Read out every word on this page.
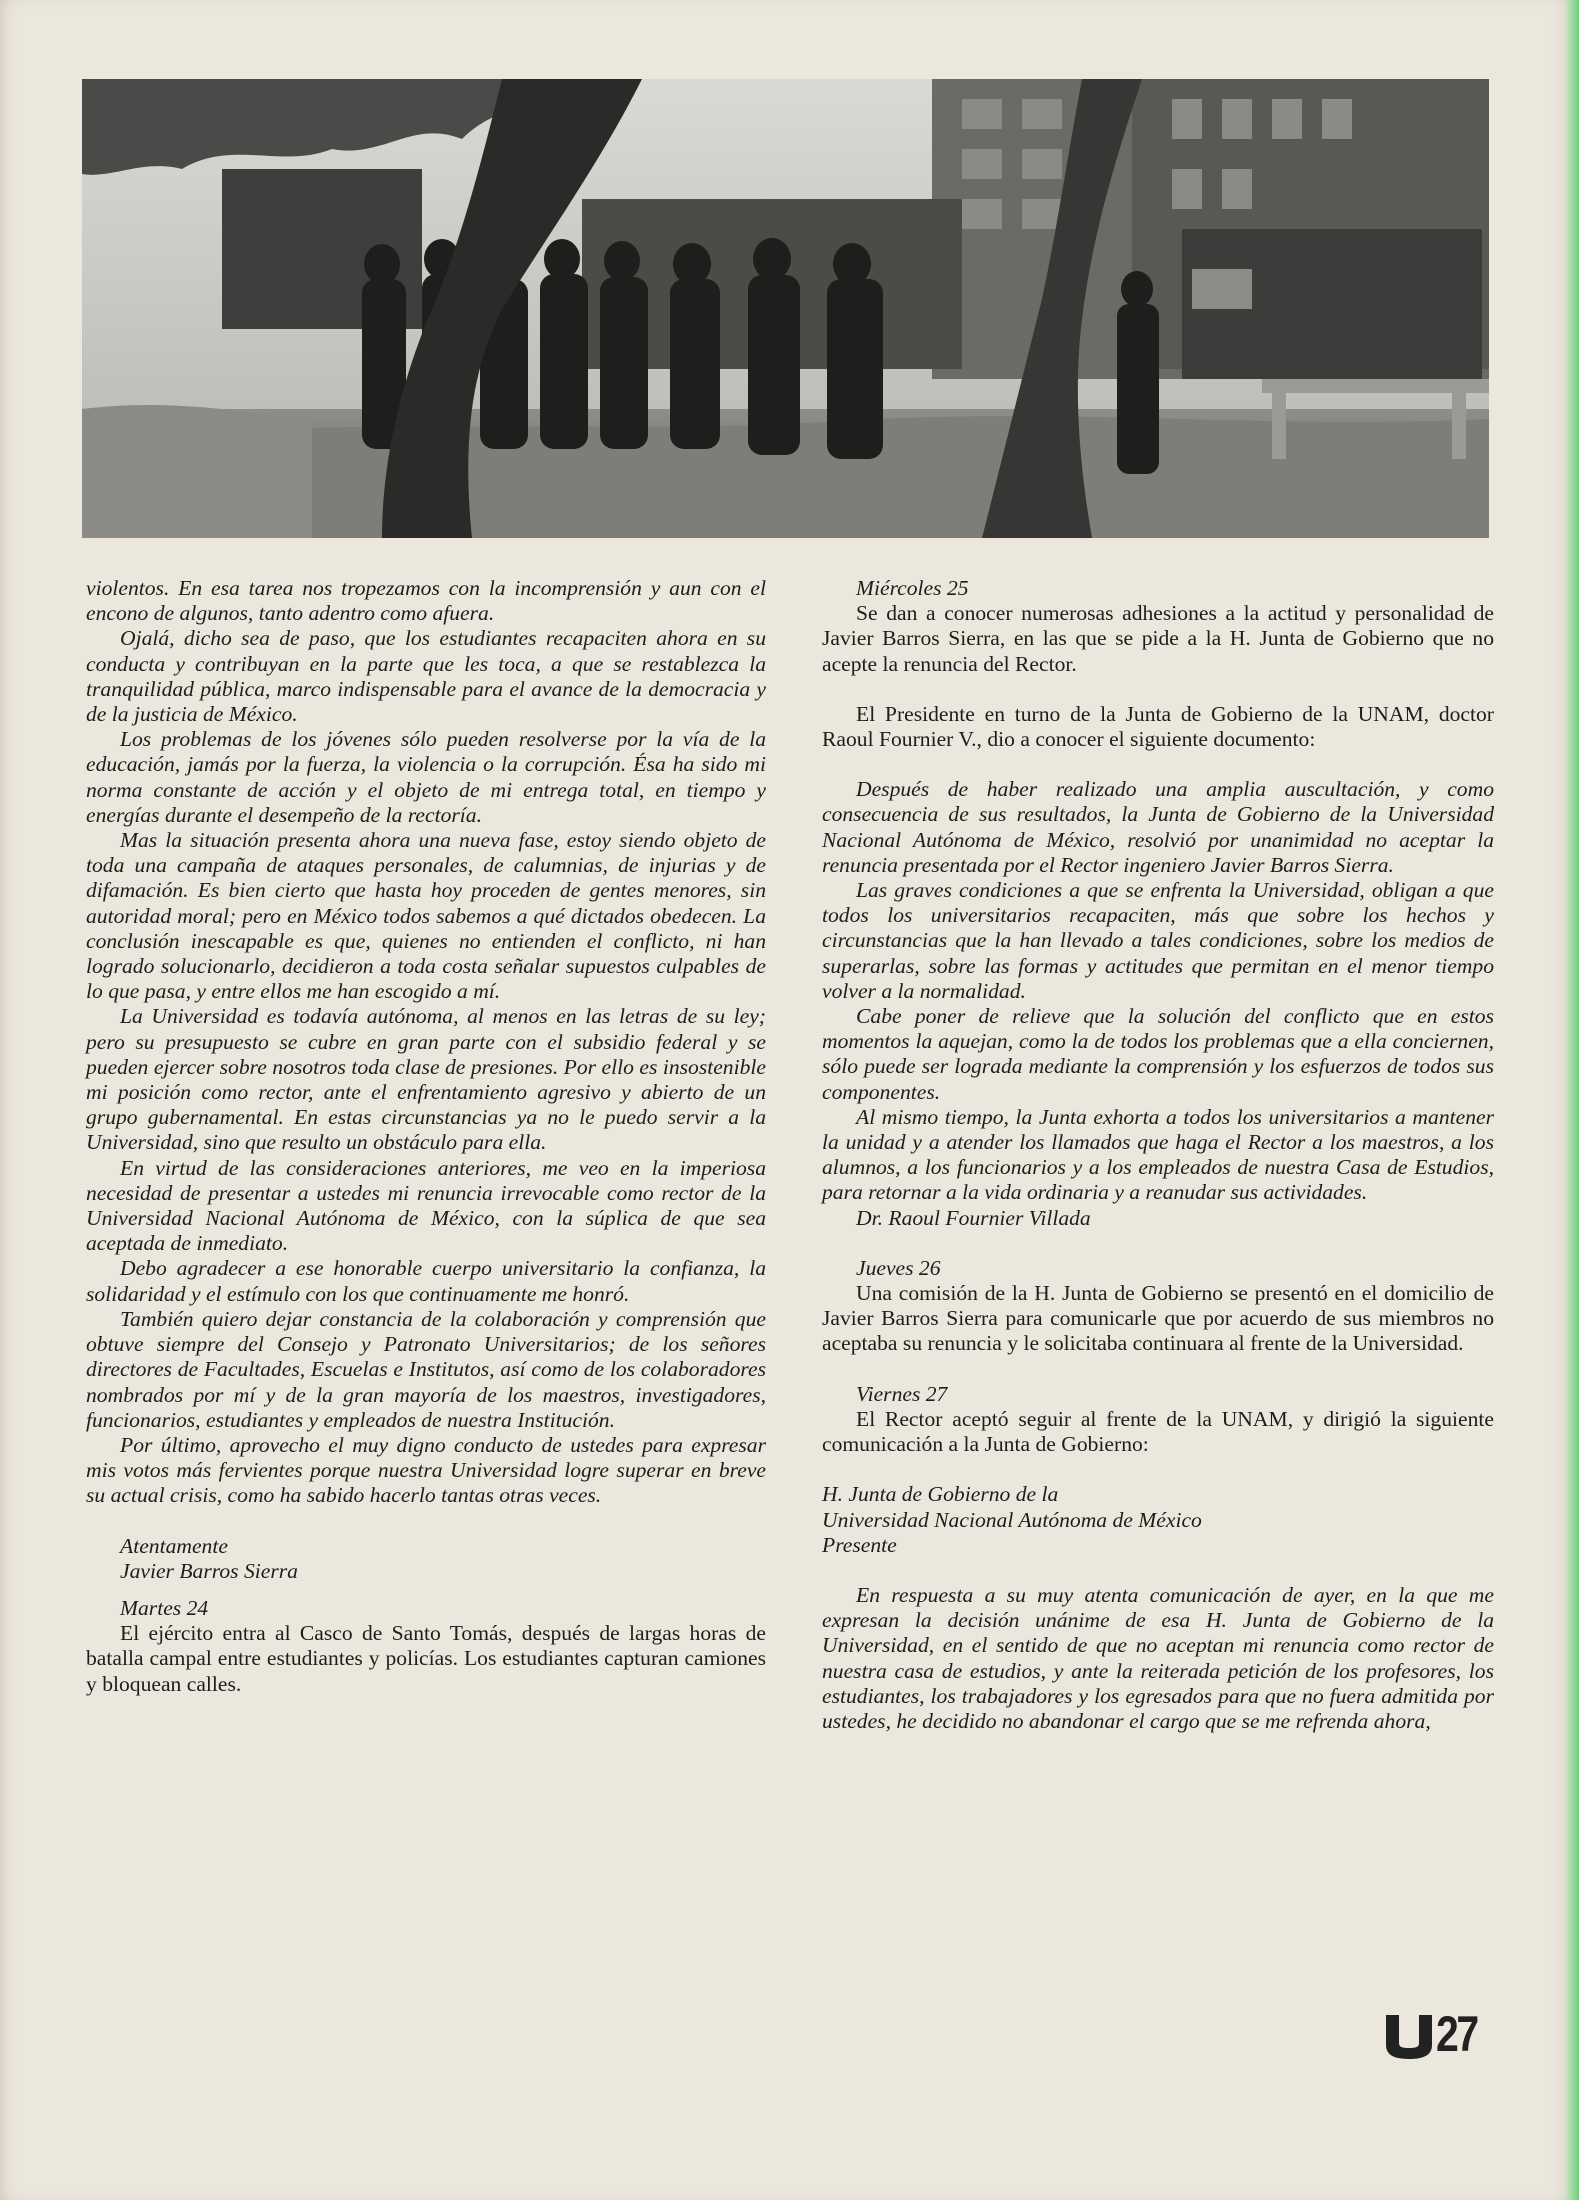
violentos. En esa tarea nos tropezamos con la incomprensión y aun con el encono de algunos, tanto adentro como afuera.

Ojalá, dicho sea de paso, que los estudiantes recapaciten ahora en su conducta y contribuyan en la parte que les toca, a que se restablezca la tranquilidad pública, marco indispensable para el avance de la democracia y de la justicia de México.

Los problemas de los jóvenes sólo pueden resolverse por la vía de la educación, jamás por la fuerza, la violencia o la corrupción. Ésa ha sido mi norma constante de acción y el objeto de mi entrega total, en tiempo y energías durante el desempeño de la rectoría.

Mas la situación presenta ahora una nueva fase, estoy siendo objeto de toda una campaña de ataques personales, de calumnias, de injurias y de difamación. Es bien cierto que hasta hoy proceden de gentes menores, sin autoridad moral; pero en México todos sabemos a qué dictados obedecen. La conclusión inescapable es que, quienes no entienden el conflicto, ni han logrado solucionarlo, decidieron a toda costa señalar supuestos culpables de lo que pasa, y entre ellos me han escogido a mí.

La Universidad es todavía autónoma, al menos en las letras de su ley; pero su presupuesto se cubre en gran parte con el subsidio federal y se pueden ejercer sobre nosotros toda clase de presiones. Por ello es insostenible mi posición como rector, ante el enfrentamiento agresivo y abierto de un grupo gubernamental. En estas circunstancias ya no le puedo servir a la Universidad, sino que resulto un obstáculo para ella.

En virtud de las consideraciones anteriores, me veo en la imperiosa necesidad de presentar a ustedes mi renuncia irrevocable como rector de la Universidad Nacional Autónoma de México, con la súplica de que sea aceptada de inmediato.

Debo agradecer a ese honorable cuerpo universitario la confianza, la solidaridad y el estímulo con los que continuamente me honró.

También quiero dejar constancia de la colaboración y comprensión que obtuve siempre del Consejo y Patronato Universitarios; de los señores directores de Facultades, Escuelas e Institutos, así como de los colaboradores nombrados por mí y de la gran mayoría de los maestros, investigadores, funcionarios, estudiantes y empleados de nuestra Institución.

Por último, aprovecho el muy digno conducto de ustedes para expresar mis votos más fervientes porque nuestra Universidad logre superar en breve su actual crisis, como ha sabido hacerlo tantas otras veces.

Atentamente

Javier Barros Sierra

Martes 24

El ejército entra al Casco de Santo Tomás, después de largas horas de batalla campal entre estudiantes y policías. Los estudiantes capturan camiones y bloquean calles.

Miércoles 25

Se dan a conocer numerosas adhesiones a la actitud y personalidad de Javier Barros Sierra, en las que se pide a la H. Junta de Gobierno que no acepte la renuncia del Rector.

El Presidente en turno de la Junta de Gobierno de la UNAM, doctor Raoul Fournier V., dio a conocer el siguiente documento:

Después de haber realizado una amplia auscultación, y como consecuencia de sus resultados, la Junta de Gobierno de la Universidad Nacional Autónoma de México, resolvió por unanimidad no aceptar la renuncia presentada por el Rector ingeniero Javier Barros Sierra.

Las graves condiciones a que se enfrenta la Universidad, obligan a que todos los universitarios recapaciten, más que sobre los hechos y circunstancias que la han llevado a tales condiciones, sobre los medios de superarlas, sobre las formas y actitudes que permitan en el menor tiempo volver a la normalidad.

Cabe poner de relieve que la solución del conflicto que en estos momentos la aquejan, como la de todos los problemas que a ella conciernen, sólo puede ser lograda mediante la comprensión y los esfuerzos de todos sus componentes.

Al mismo tiempo, la Junta exhorta a todos los universitarios a mantener la unidad y a atender los llamados que haga el Rector a los maestros, a los alumnos, a los funcionarios y a los empleados de nuestra Casa de Estudios, para retornar a la vida ordinaria y a reanudar sus actividades.

Dr. Raoul Fournier Villada

Jueves 26

Una comisión de la H. Junta de Gobierno se presentó en el domicilio de Javier Barros Sierra para comunicarle que por acuerdo de sus miembros no aceptaba su renuncia y le solicitaba continuara al frente de la Universidad.

Viernes 27

El Rector aceptó seguir al frente de la UNAM, y dirigió la siguiente comunicación a la Junta de Gobierno:

H. Junta de Gobierno de la

Universidad Nacional Autónoma de México

Presente

En respuesta a su muy atenta comunicación de ayer, en la que me expresan la decisión unánime de esa H. Junta de Gobierno de la Universidad, en el sentido de que no aceptan mi renuncia como rector de nuestra casa de estudios, y ante la reiterada petición de los profesores, los estudiantes, los trabajadores y los egresados para que no fuera admitida por ustedes, he decidido no abandonar el cargo que se me refrenda ahora,

27
